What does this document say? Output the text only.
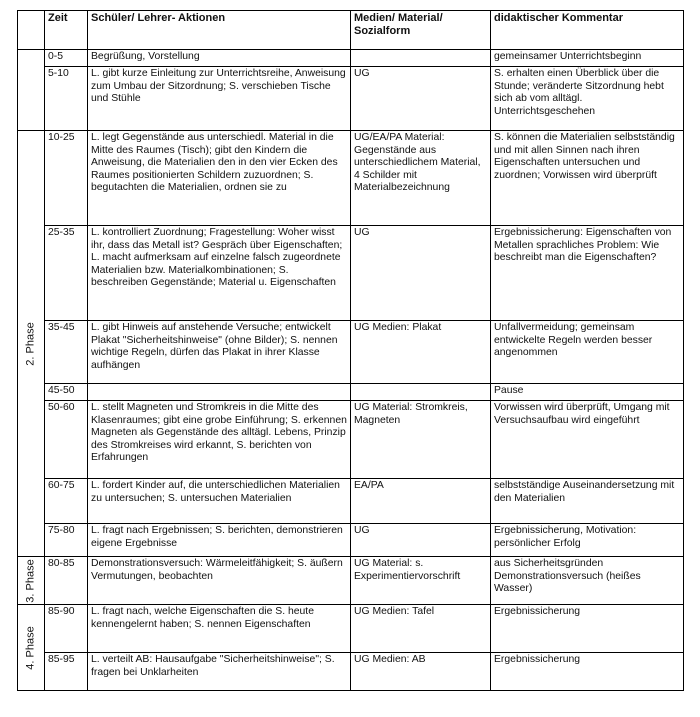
	Zeit	Schüler/ Lehrer- Aktionen	Medien/ Material/ Sozialform	didaktischer Kommentar
	0-5	Begrüßung, Vorstellung		gemeinsamer Unterrichtsbeginn
	5-10	L. gibt kurze Einleitung zur Unterrichtsreihe, Anweisung zum Umbau der Sitzordnung; S. verschieben Tische und Stühle	UG	S. erhalten einen Überblick über die Stunde; veränderte Sitzordnung hebt sich ab vom alltägl. Unterrichtsgeschehen

2. Phase	10-25	L. legt Gegenstände aus unterschiedl. Material in die Mitte des Raumes (Tisch); gibt den Kindern die Anweisung, die Materialien den in den vier Ecken des Raumes positionierten Schildern zuzuordnen; S. begutachten die Materialien, ordnen sie zu	UG/EA/PA Material: Gegenstände aus unterschiedlichem Material, 4 Schilder mit Materialbezeichnung	S. können die Materialien selbstständig und mit allen Sinnen nach ihren Eigenschaften untersuchen und zuordnen; Vorwissen wird überprüft
	25-35	L. kontrolliert Zuordnung; Fragestellung: Woher wisst ihr, dass das Metall ist? Gespräch über Eigenschaften; L. macht aufmerksam auf einzelne falsch zugeordnete Materialien bzw. Materialkombinationen; S. beschreiben Gegenstände; Material u. Eigenschaften	UG	Ergebnissicherung: Eigenschaften von Metallen sprachliches Problem: Wie beschreibt man die Eigenschaften?
	35-45	L. gibt Hinweis auf anstehende Versuche; entwickelt Plakat "Sicherheitshinweise" (ohne Bilder); S. nennen wichtige Regeln, dürfen das Plakat in ihrer Klasse aufhängen	UG Medien: Plakat	Unfallvermeidung; gemeinsam entwickelte Regeln werden besser angenommen
	45-50			Pause
	50-60	L. stellt Magneten und Stromkreis in die Mitte des Klasenraumes; gibt eine grobe Einführung; S. erkennen Magneten als Gegenstände des alltägl. Lebens, Prinzip des Stromkreises wird erkannt, S. berichten von Erfahrungen	UG Material: Stromkreis, Magneten	Vorwissen wird überprüft, Umgang mit Versuchsaufbau wird eingeführt
	60-75	L. fordert Kinder auf, die unterschiedlichen Materialien zu untersuchen; S. untersuchen Materialien	EA/PA	selbstständige Auseinandersetzung mit den Materialien
	75-80	L. fragt nach Ergebnissen; S. berichten, demonstrieren eigene Ergebnisse	UG	Ergebnissicherung, Motivation: persönlicher Erfolg

3. Phase	80-85	Demonstrationsversuch: Wärmeleitfähigkeit; S. äußern Vermutungen, beobachten	UG Material: s. Experimentiervorschrift	aus Sicherheitsgründen Demonstrationsversuch (heißes Wasser)

4. Phase	85-90	L. fragt nach, welche Eigenschaften die S. heute kennengelernt haben; S. nennen Eigenschaften	UG Medien: Tafel	Ergebnissicherung
	85-95	L. verteilt AB: Hausaufgabe "Sicherheitshinweise"; S. fragen bei Unklarheiten	UG Medien: AB	Ergebnissicherung
